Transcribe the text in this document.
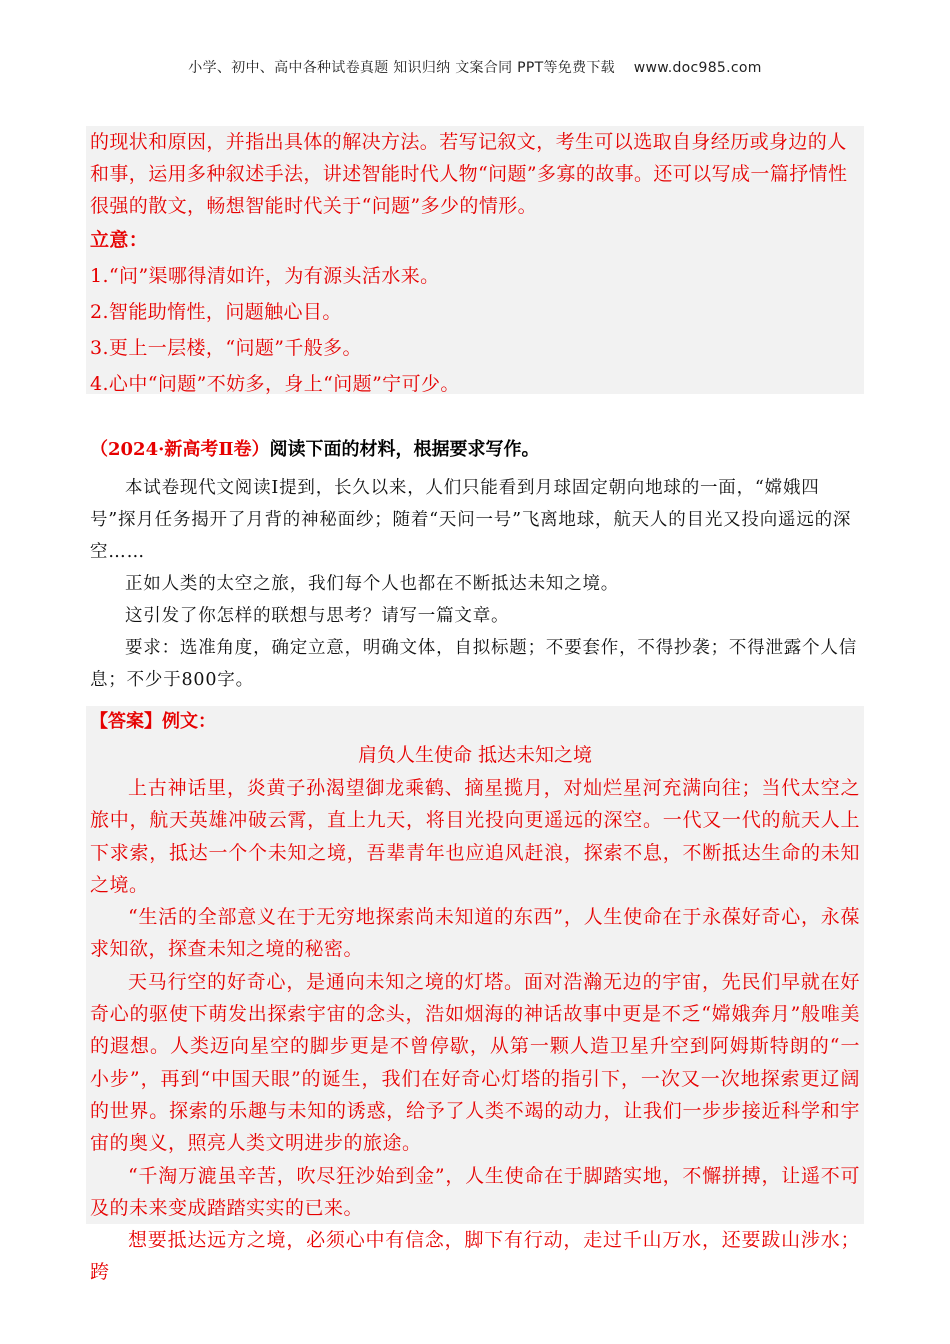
小学、初中、高中各种试卷真题 知识归纳 文案合同 PPT等免费下载 www.doc985.com

的现状和原因，并指出具体的解决方法。若写记叙文，考生可以选取自身经历或身边的人和事，运用多种叙述手法，讲述智能时代人物“问题”多寡的故事。还可以写成一篇抒情性很强的散文，畅想智能时代关于“问题”多少的情形。

立意：

1.“问”渠哪得清如许，为有源头活水来。

2.智能助惰性，问题触心目。

3.更上一层楼，“问题”千般多。

4.心中“问题”不妨多，身上“问题”宁可少。

（2024·新高考Ⅱ卷）阅读下面的材料，根据要求写作。

本试卷现代文阅读Ⅰ提到，长久以来，人们只能看到月球固定朝向地球的一面，“嫦娥四号”探月任务揭开了月背的神秘面纱；随着“天问一号”飞离地球，航天人的目光又投向遥远的深空……

正如人类的太空之旅，我们每个人也都在不断抵达未知之境。

这引发了你怎样的联想与思考？请写一篇文章。

要求：选准角度，确定立意，明确文体，自拟标题；不要套作，不得抄袭；不得泄露个人信息；不少于800字。

【答案】例文：

肩负人生使命 抵达未知之境

上古神话里，炎黄子孙渴望御龙乘鹤、摘星揽月，对灿烂星河充满向往；当代太空之旅中，航天英雄冲破云霄，直上九天，将目光投向更遥远的深空。一代又一代的航天人上下求索，抵达一个个未知之境，吾辈青年也应追风赶浪，探索不息，不断抵达生命的未知之境。

“生活的全部意义在于无穷地探索尚未知道的东西”，人生使命在于永葆好奇心，永葆求知欲，探查未知之境的秘密。

天马行空的好奇心，是通向未知之境的灯塔。面对浩瀚无边的宇宙，先民们早就在好奇心的驱使下萌发出探索宇宙的念头，浩如烟海的神话故事中更是不乏“嫦娥奔月”般唯美的遐想。人类迈向星空的脚步更是不曾停歇，从第一颗人造卫星升空到阿姆斯特朗的“一小步”，再到“中国天眼”的诞生，我们在好奇心灯塔的指引下，一次又一次地探索更辽阔的世界。探索的乐趣与未知的诱惑，给予了人类不竭的动力，让我们一步步接近科学和宇宙的奥义，照亮人类文明进步的旅途。

“千淘万漉虽辛苦，吹尽狂沙始到金”，人生使命在于脚踏实地，不懈拼搏，让遥不可及的未来变成踏踏实实的已来。

想要抵达远方之境，必须心中有信念，脚下有行动，走过千山万水，还要跋山涉水；跨
